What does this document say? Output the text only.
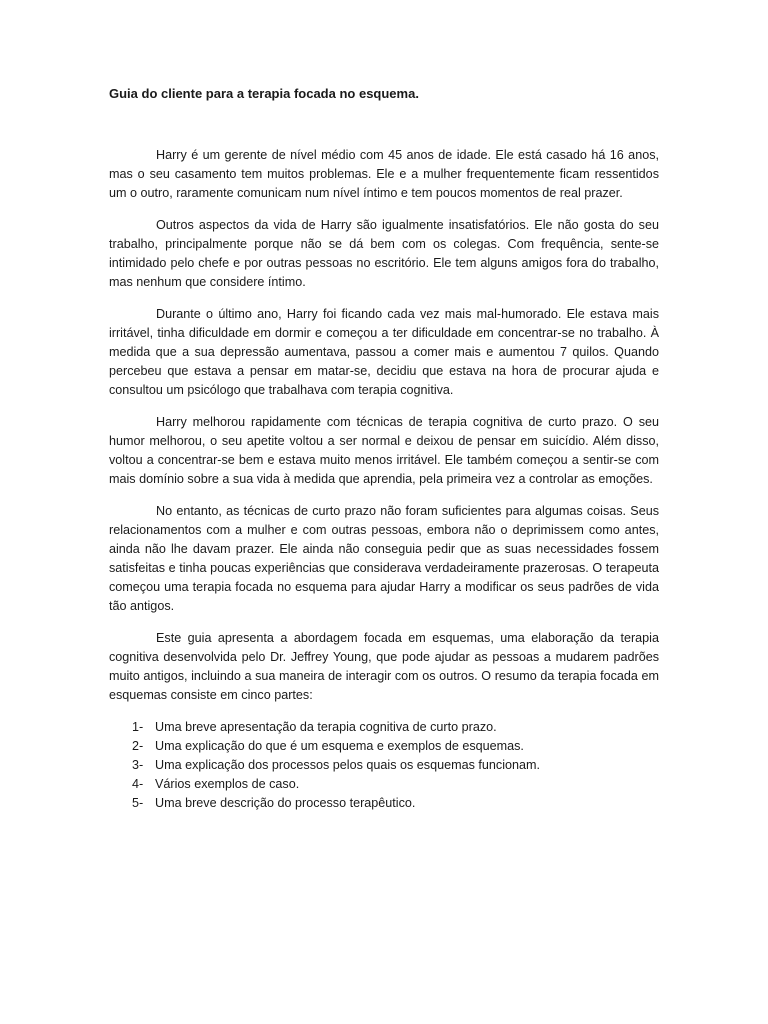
Guia do cliente para a terapia focada no esquema.

Harry é um gerente de nível médio com 45 anos de idade. Ele está casado há 16 anos, mas o seu casamento tem muitos problemas. Ele e a mulher frequentemente ficam ressentidos um o outro, raramente comunicam num nível íntimo e tem poucos momentos de real prazer.

Outros aspectos da vida de Harry são igualmente insatisfatórios. Ele não gosta do seu trabalho, principalmente porque não se dá bem com os colegas. Com frequência, sente-se intimidado pelo chefe e por outras pessoas no escritório. Ele tem alguns amigos fora do trabalho, mas nenhum que considere íntimo.

Durante o último ano, Harry foi ficando cada vez mais mal-humorado. Ele estava mais irritável, tinha dificuldade em dormir e começou a ter dificuldade em concentrar-se no trabalho. À medida que a sua depressão aumentava, passou a comer mais e aumentou 7 quilos. Quando percebeu que estava a pensar em matar-se, decidiu que estava na hora de procurar ajuda e consultou um psicólogo que trabalhava com terapia cognitiva.

Harry melhorou rapidamente com técnicas de terapia cognitiva de curto prazo. O seu humor melhorou, o seu apetite voltou a ser normal e deixou de pensar em suicídio. Além disso, voltou a concentrar-se bem e estava muito menos irritável. Ele também começou a sentir-se com mais domínio sobre a sua vida à medida que aprendia, pela primeira vez a controlar as emoções.

No entanto, as técnicas de curto prazo não foram suficientes para algumas coisas. Seus relacionamentos com a mulher e com outras pessoas, embora não o deprimissem como antes, ainda não lhe davam prazer. Ele ainda não conseguia pedir que as suas necessidades fossem satisfeitas e tinha poucas experiências que considerava verdadeiramente prazerosas. O terapeuta começou uma terapia focada no esquema para ajudar Harry a modificar os seus padrões de vida tão antigos.

Este guia apresenta a abordagem focada em esquemas, uma elaboração da terapia cognitiva desenvolvida pelo Dr. Jeffrey Young, que pode ajudar as pessoas a mudarem padrões muito antigos, incluindo a sua maneira de interagir com os outros. O resumo da terapia focada em esquemas consiste em cinco partes:

1- Uma breve apresentação da terapia cognitiva de curto prazo.
2- Uma explicação do que é um esquema e exemplos de esquemas.
3- Uma explicação dos processos pelos quais os esquemas funcionam.
4- Vários exemplos de caso.
5- Uma breve descrição do processo terapêutico.
